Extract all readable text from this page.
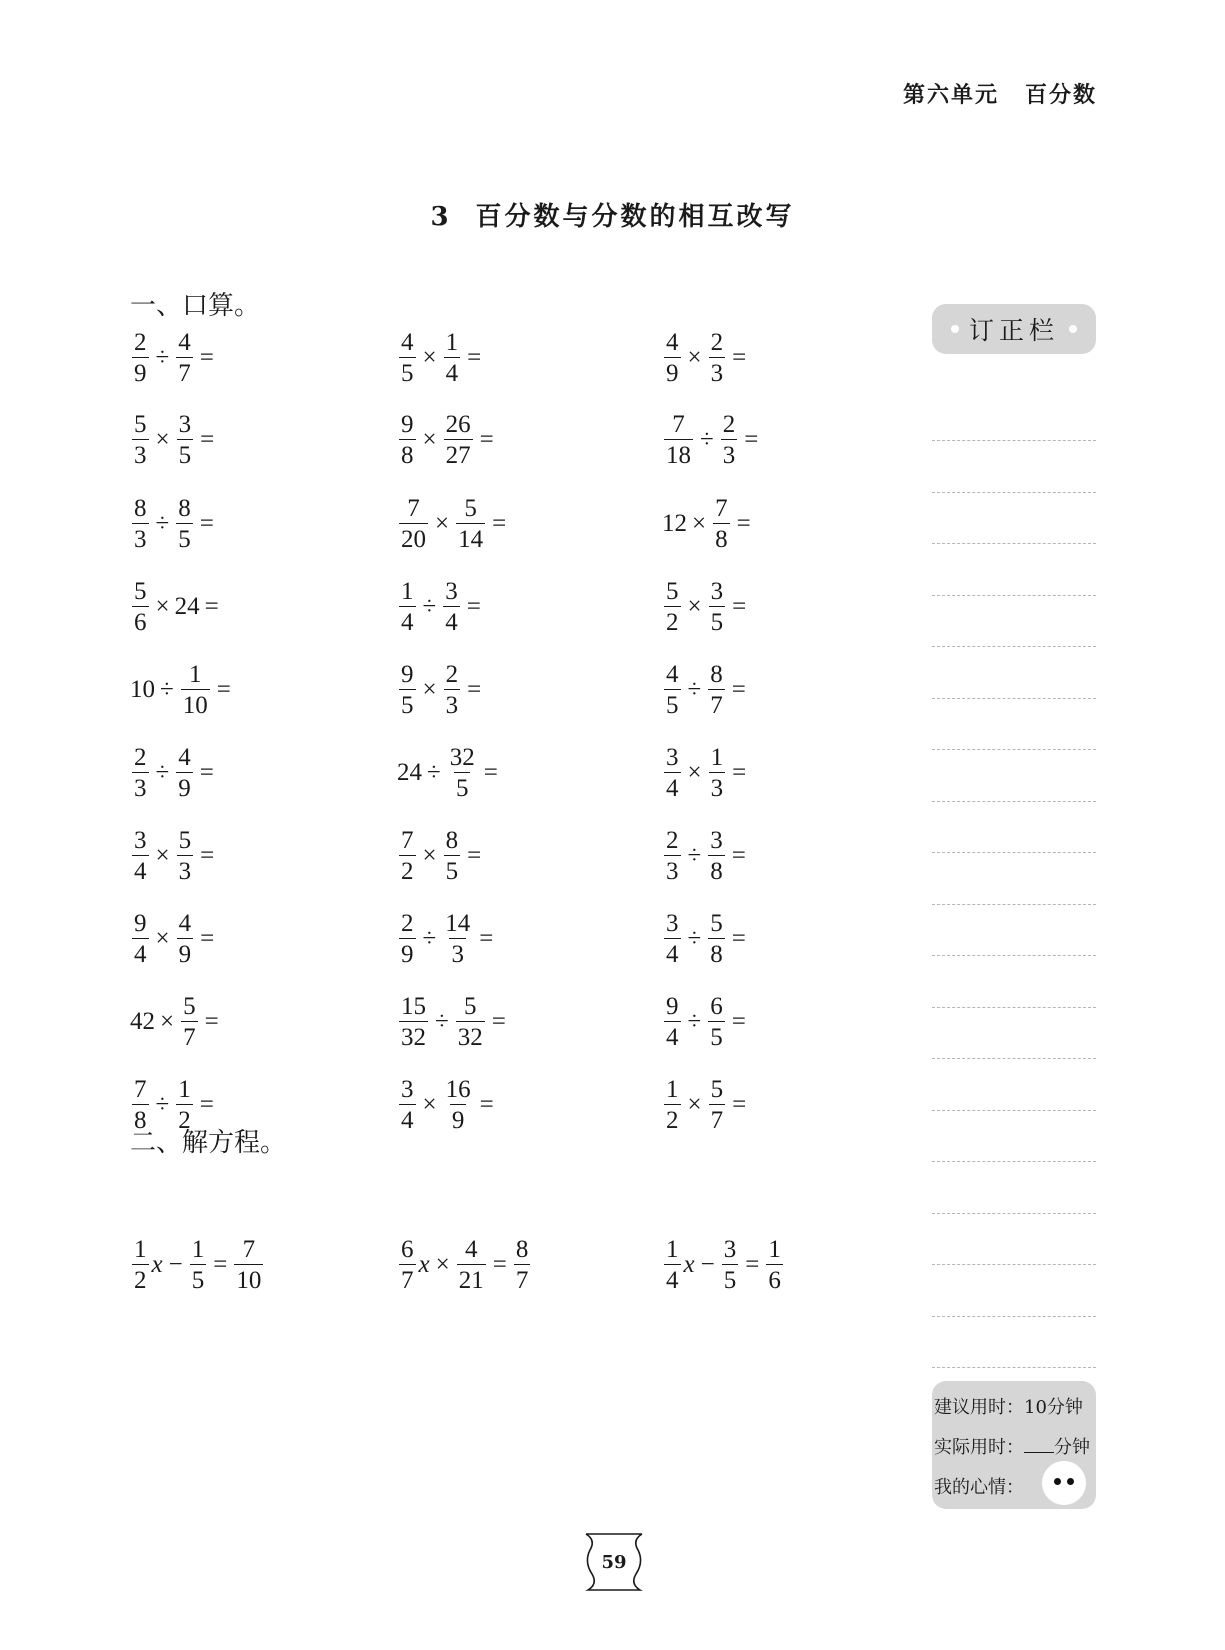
第六单元 百分数
3 百分数与分数的相互改写
一、口算。
二、解方程。
$\frac{2}{9} \div \frac{4}{7}$ =	$\frac{4}{5} \times \frac{1}{4}$ =	$\frac{4}{9} \times \frac{2}{3}$ =
$\frac{5}{3} \times \frac{3}{5}$ =	$\frac{9}{8} \times \frac{26}{27}$ =	$\frac{7}{18} \div \frac{2}{3}$ =
$\frac{8}{3} \div \frac{8}{5}$ =	$\frac{7}{20} \times \frac{5}{14}$ =	$12 \times \frac{7}{8}$ =
$\frac{5}{6} \times 24$ =	$\frac{1}{4} \div \frac{3}{4}$ =	$\frac{5}{2} \times \frac{3}{5}$ =
$10 \div \frac{1}{10}$ =	$\frac{9}{5} \times \frac{2}{3}$ =	$\frac{4}{5} \div \frac{8}{7}$ =
$\frac{2}{3} \div \frac{4}{9}$ =	$24 \div \frac{32}{5}$ =	$\frac{3}{4} \times \frac{1}{3}$ =
$\frac{3}{4} \times \frac{5}{3}$ =	$\frac{7}{2} \times \frac{8}{5}$ =	$\frac{2}{3} \div \frac{3}{8}$ =
$\frac{9}{4} \times \frac{4}{9}$ =	$\frac{2}{9} \div \frac{14}{3}$ =	$\frac{3}{4} \div \frac{5}{8}$ =
$42 \times \frac{5}{7}$ =	$\frac{15}{32} \div \frac{5}{32}$ =	$\frac{9}{4} \div \frac{6}{5}$ =
$\frac{7}{8} \div \frac{1}{2}$ =	$\frac{3}{4} \times \frac{16}{9}$ =	$\frac{1}{2} \times \frac{5}{7}$ =
$\frac{1}{2}$ $x - \frac{1}{5} = \frac{7}{10}$	$\frac{6}{7}$ $x \times \frac{4}{21} = \frac{8}{7}$	$\frac{1}{4}$ $x - \frac{3}{5} = \frac{1}{6}$
订正栏
建议用时：10分钟
实际用时： 分钟
我的心情：
59
